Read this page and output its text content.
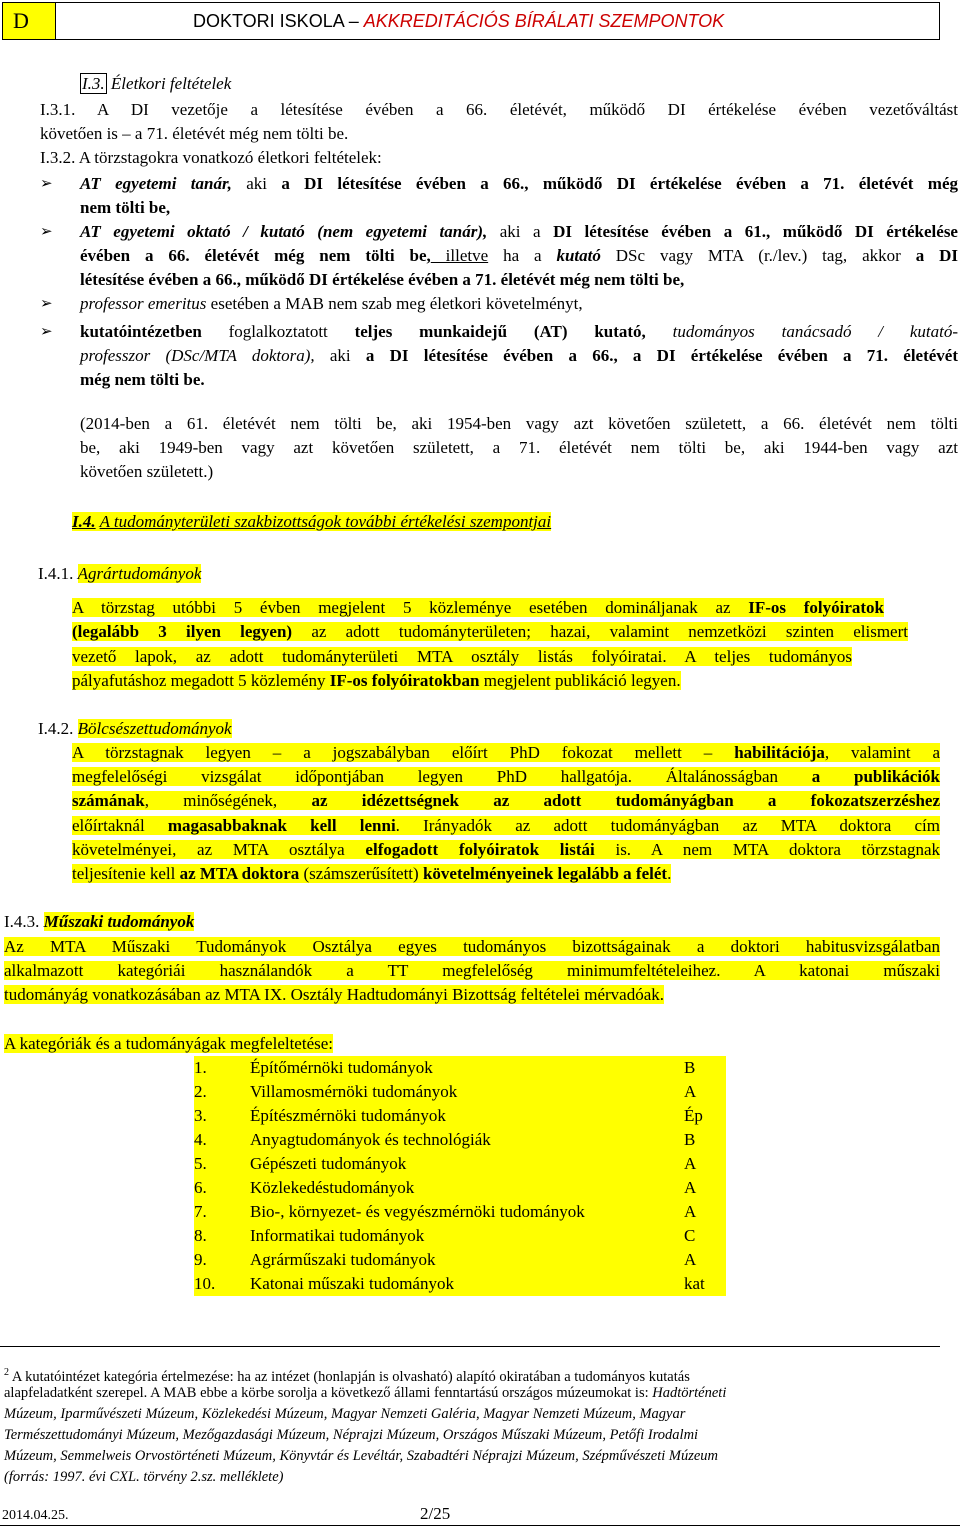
D	DOKTORI ISKOLA – AKKREDITÁCIÓS BÍRÁLATI SZEMPONTOK
I.3. Életkori feltételek
I.3.1. A DI vezetője a létesítése évében a 66. életévét, működő DI értékelése évében vezetőváltást
követően is – a 71. életévét még nem tölti be.
I.3.2. A törzstagokra vonatkozó életkori feltételek:
➢ AT egyetemi tanár, aki a DI létesítése évében a 66., működő DI értékelése évében a 71. életévét még
nem tölti be,
➢ AT egyetemi oktató / kutató (nem egyetemi tanár), aki a DI létesítése évében a 61., működő DI értékelése
évében a 66. életévét még nem tölti be, illetve ha a kutató DSc vagy MTA (r./lev.) tag, akkor a DI
létesítése évében a 66., működő DI értékelése évében a 71. életévét még nem tölti be,
➢ professor emeritus esetében a MAB nem szab meg életkori követelményt,
➢ kutatóintézetben foglalkoztatott teljes munkaidejű (AT) kutató, tudományos tanácsadó / kutató-
professzor (DSc/MTA doktora), aki a DI létesítése évében a 66., a DI értékelése évében a 71. életévét
még nem tölti be.
(2014-ben a 61. életévét nem tölti be, aki 1954-ben vagy azt követően született, a 66. életévét nem tölti
be, aki 1949-ben vagy azt követően született, a 71. életévét nem tölti be, aki 1944-ben vagy azt
követően született.)
I.4. A tudományterületi szakbizottságok további értékelési szempontjai
I.4.1. Agrártudományok
A törzstag utóbbi 5 évben megjelent 5 közleménye esetében domináljanak az IF-os folyóiratok
(legalább 3 ilyen legyen) az adott tudományterületen; hazai, valamint nemzetközi szinten elismert
vezető lapok, az adott tudományterületi MTA osztály listás folyóiratai. A teljes tudományos
pályafutáshoz megadott 5 közlemény IF-os folyóiratokban megjelent publikáció legyen.
I.4.2. Bölcsészettudományok
A törzstagnak legyen – a jogszabályban előírt PhD fokozat mellett – habilitációja, valamint a
megfelelőségi vizsgálat időpontjában legyen PhD hallgatója. Általánosságban a publikációk
számának, minőségének, az idézettségnek az adott tudományágban a fokozatszerzéshez
előírtaknál magasabbaknak kell lenni. Irányadók az adott tudományágban az MTA doktora cím
követelményei, az MTA osztálya elfogadott folyóiratok listái is. A nem MTA doktora törzstagnak
teljesítenie kell az MTA doktora (számszerűsített) követelményeinek legalább a felét.
I.4.3. Műszaki tudományok
Az MTA Műszaki Tudományok Osztálya egyes tudományos bizottságainak a doktori habitusvizsgálatban
alkalmazott kategóriái használandók a TT megfelelőség minimumfeltételeihez. A katonai műszaki
tudományág vonatkozásában az MTA IX. Osztály Hadtudományi Bizottság feltételei mérvadóak.
A kategóriák és a tudományágak megfeleltetése:
1.	Építőmérnöki tudományok	B
2.	Villamosmérnöki tudományok	A
3.	Építészmérnöki tudományok	Ép
4.	Anyagtudományok és technológiák	B
5.	Gépészeti tudományok	A
6.	Közlekedéstudományok	A
7.	Bio-, környezet- és vegyészmérnöki tudományok	A
8.	Informatikai tudományok	C
9.	Agrárműszaki tudományok	A
10.	Katonai műszaki tudományok	kat
$^2$ A kutatóintézet kategória értelmezése: ha az intézet (honlapján is olvasható) alapító okiratában a tudományos kutatás
alapfeladatként szerepel. A MAB ebbe a körbe sorolja a következő állami fenntartású országos múzeumokat is: Hadtörténeti
Múzeum, Iparművészeti Múzeum, Közlekedési Múzeum, Magyar Nemzeti Galéria, Magyar Nemzeti Múzeum, Magyar
Természettudományi Múzeum, Mezőgazdasági Múzeum, Néprajzi Múzeum, Országos Műszaki Múzeum, Petőfi Irodalmi
Múzeum, Semmelweis Orvostörténeti Múzeum, Könyvtár és Levéltár, Szabadtéri Néprajzi Múzeum, Szépművészeti Múzeum
(forrás: 1997. évi CXL. törvény 2.sz. melléklete)
2014.04.25.	2/25
